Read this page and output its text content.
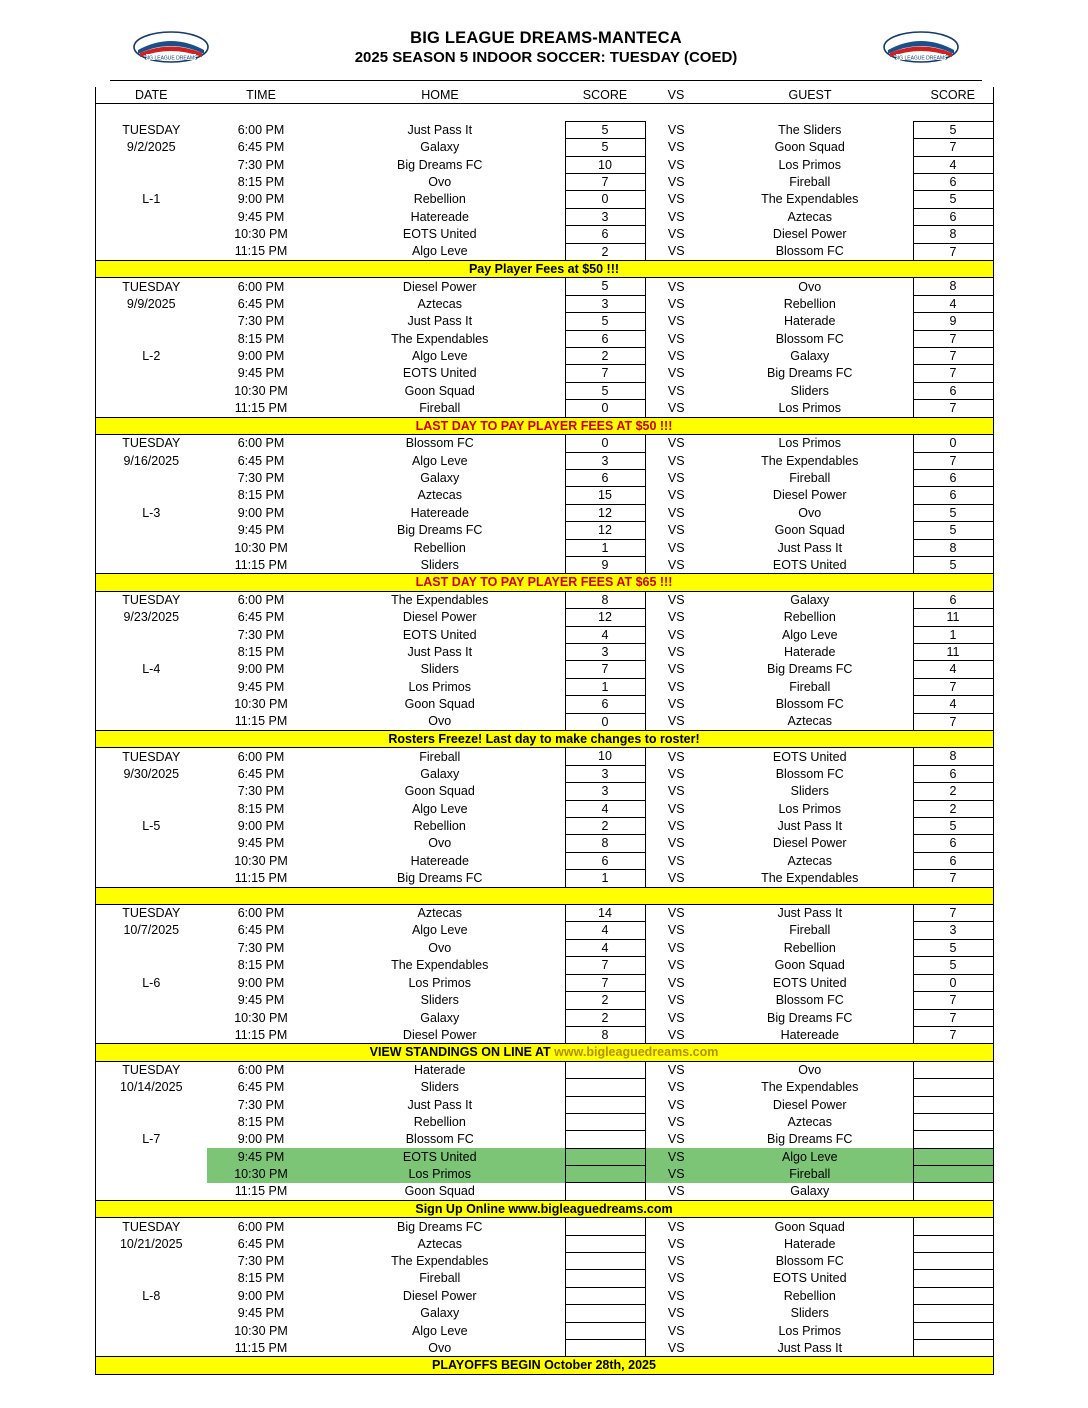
BIG LEAGUE DREAMS
BIG LEAGUE DREAMS-MANTECA
2025 SEASON 5 INDOOR SOCCER: TUESDAY (COED)	BIG LEAGUE DREAMS
DATE	TIME	HOME	SCORE	VS	GUEST	SCORE

TUESDAY	6:00 PM	Just Pass It	5	VS	The Sliders	5
9/2/2025	6:45 PM	Galaxy	5	VS	Goon Squad	7
	7:30 PM	Big Dreams FC	10	VS	Los Primos	4
	8:15 PM	Ovo	7	VS	Fireball	6
L-1	9:00 PM	Rebellion	0	VS	The Expendables	5
	9:45 PM	Hatereade	3	VS	Aztecas	6
	10:30 PM	EOTS United	6	VS	Diesel Power	8
	11:15 PM	Algo Leve	2	VS	Blossom FC	7
Pay Player Fees at $50 !!!						
TUESDAY	6:00 PM	Diesel Power	5	VS	Ovo	8
9/9/2025	6:45 PM	Aztecas	3	VS	Rebellion	4
	7:30 PM	Just Pass It	5	VS	Haterade	9
	8:15 PM	The Expendables	6	VS	Blossom FC	7
L-2	9:00 PM	Algo Leve	2	VS	Galaxy	7
	9:45 PM	EOTS United	7	VS	Big Dreams FC	7
	10:30 PM	Goon Squad	5	VS	Sliders	6
	11:15 PM	Fireball	0	VS	Los Primos	7
LAST DAY TO PAY PLAYER FEES AT $50 !!!						
TUESDAY	6:00 PM	Blossom FC	0	VS	Los Primos	0
9/16/2025	6:45 PM	Algo Leve	3	VS	The Expendables	7
	7:30 PM	Galaxy	6	VS	Fireball	6
	8:15 PM	Aztecas	15	VS	Diesel Power	6
L-3	9:00 PM	Hatereade	12	VS	Ovo	5
	9:45 PM	Big Dreams FC	12	VS	Goon Squad	5
	10:30 PM	Rebellion	1	VS	Just Pass It	8
	11:15 PM	Sliders	9	VS	EOTS United	5
LAST DAY TO PAY PLAYER FEES AT $65 !!!						
TUESDAY	6:00 PM	The Expendables	8	VS	Galaxy	6
9/23/2025	6:45 PM	Diesel Power	12	VS	Rebellion	11
	7:30 PM	EOTS United	4	VS	Algo Leve	1
	8:15 PM	Just Pass It	3	VS	Haterade	11
L-4	9:00 PM	Sliders	7	VS	Big Dreams FC	4
	9:45 PM	Los Primos	1	VS	Fireball	7
	10:30 PM	Goon Squad	6	VS	Blossom FC	4
	11:15 PM	Ovo	0	VS	Aztecas	7
Rosters Freeze! Last day to make changes to roster!						
TUESDAY	6:00 PM	Fireball	10	VS	EOTS United	8
9/30/2025	6:45 PM	Galaxy	3	VS	Blossom FC	6
	7:30 PM	Goon Squad	3	VS	Sliders	2
	8:15 PM	Algo Leve	4	VS	Los Primos	2
L-5	9:00 PM	Rebellion	2	VS	Just Pass It	5
	9:45 PM	Ovo	8	VS	Diesel Power	6
	10:30 PM	Hatereade	6	VS	Aztecas	6
	11:15 PM	Big Dreams FC	1	VS	The Expendables	7

TUESDAY	6:00 PM	Aztecas	14	VS	Just Pass It	7
10/7/2025	6:45 PM	Algo Leve	4	VS	Fireball	3
	7:30 PM	Ovo	4	VS	Rebellion	5
	8:15 PM	The Expendables	7	VS	Goon Squad	5
L-6	9:00 PM	Los Primos	7	VS	EOTS United	0
	9:45 PM	Sliders	2	VS	Blossom FC	7
	10:30 PM	Galaxy	2	VS	Big Dreams FC	7
	11:15 PM	Diesel Power	8	VS	Hatereade	7
VIEW STANDINGS ON LINE AT www.bigleaguedreams.com						
TUESDAY	6:00 PM	Haterade		VS	Ovo	
10/14/2025	6:45 PM	Sliders		VS	The Expendables	
	7:30 PM	Just Pass It		VS	Diesel Power	
	8:15 PM	Rebellion		VS	Aztecas	
L-7	9:00 PM	Blossom FC		VS	Big Dreams FC	
	9:45 PM	EOTS United		VS	Algo Leve	
	10:30 PM	Los Primos		VS	Fireball	
	11:15 PM	Goon Squad		VS	Galaxy	
Sign Up Online www.bigleaguedreams.com						
TUESDAY	6:00 PM	Big Dreams FC		VS	Goon Squad	
10/21/2025	6:45 PM	Aztecas		VS	Haterade	
	7:30 PM	The Expendables		VS	Blossom FC	
	8:15 PM	Fireball		VS	EOTS United	
L-8	9:00 PM	Diesel Power		VS	Rebellion	
	9:45 PM	Galaxy		VS	Sliders	
	10:30 PM	Algo Leve		VS	Los Primos	
	11:15 PM	Ovo		VS	Just Pass It	
PLAYOFFS BEGIN October 28th, 2025						
